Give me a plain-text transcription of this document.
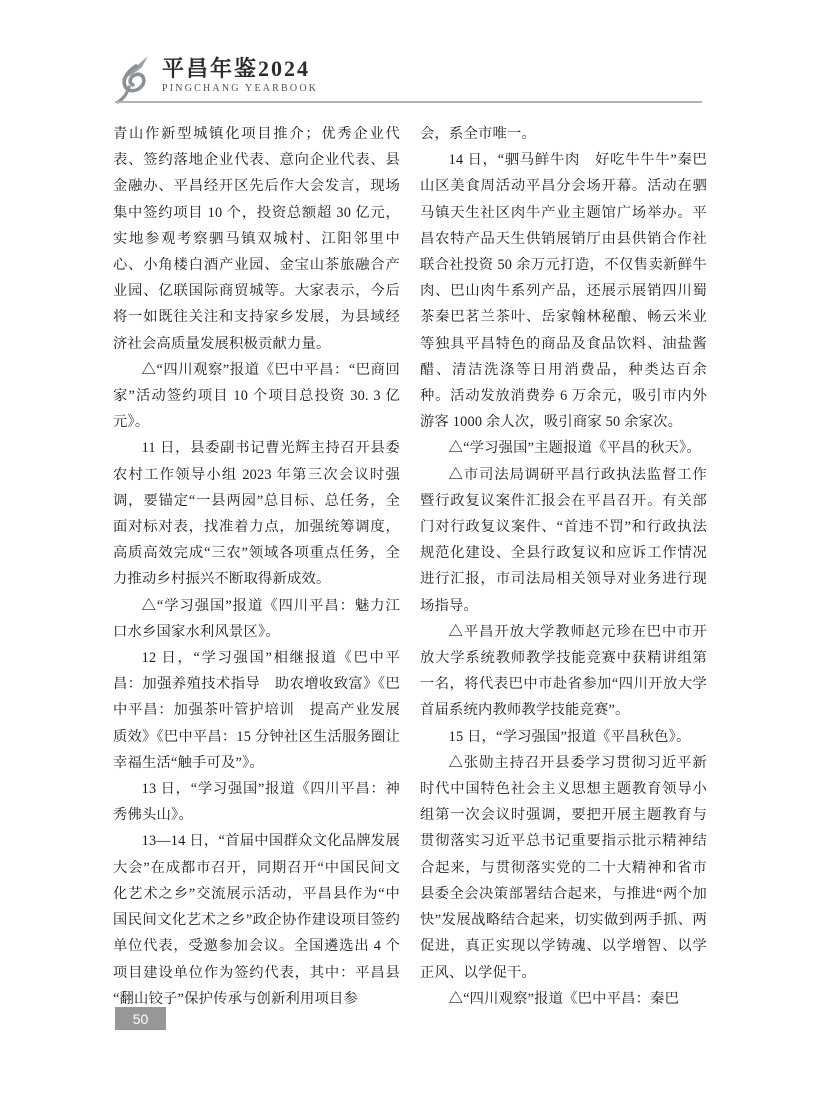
平昌年鉴2024
PINGCHANG YEARBOOK

青山作新型城镇化项目推介；优秀企业代表、签约落地企业代表、意向企业代表、县金融办、平昌经开区先后作大会发言，现场集中签约项目 10 个，投资总额超 30 亿元，实地参观考察驷马镇双城村、江阳邻里中心、小角楼白酒产业园、金宝山茶旅融合产业园、亿联国际商贸城等。大家表示，今后将一如既往关注和支持家乡发展，为县域经济社会高质量发展积极贡献力量。

△“四川观察”报道《巴中平昌：“巴商回家”活动签约项目 10 个项目总投资 30. 3 亿元》。

11 日，县委副书记曹光辉主持召开县委农村工作领导小组 2023 年第三次会议时强调，要锚定“一县两园”总目标、总任务，全面对标对表，找准着力点，加强统筹调度，高质高效完成“三农”领域各项重点任务，全力推动乡村振兴不断取得新成效。

△“学习强国”报道《四川平昌：魅力江口水乡国家水利风景区》。

12 日，“学习强国”相继报道《巴中平昌：加强养殖技术指导　助农增收致富》《巴中平昌：加强茶叶管护培训　提高产业发展质效》《巴中平昌：15 分钟社区生活服务圈让幸福生活“触手可及”》。

13 日，“学习强国”报道《四川平昌：神秀佛头山》。

13—14 日，“首届中国群众文化品牌发展大会”在成都市召开，同期召开“中国民间文化艺术之乡”交流展示活动，平昌县作为“中国民间文化艺术之乡”政企协作建设项目签约单位代表，受邀参加会议。全国遴选出 4 个项目建设单位作为签约代表，其中：平昌县“翻山铰子”保护传承与创新利用项目参

会，系全市唯一。

14 日，“驷马鲜牛肉　好吃牛牛牛”秦巴山区美食周活动平昌分会场开幕。活动在驷马镇天生社区肉牛产业主题馆广场举办。平昌农特产品天生供销展销厅由县供销合作社联合社投资 50 余万元打造，不仅售卖新鲜牛肉、巴山肉牛系列产品，还展示展销四川蜀茶秦巴茗兰茶叶、岳家翰林秘酿、畅云米业等独具平昌特色的商品及食品饮料、油盐酱醋、清洁洗涤等日用消费品，种类达百余种。活动发放消费券 6 万余元，吸引市内外游客 1000 余人次，吸引商家 50 余家次。

△“学习强国”主题报道《平昌的秋天》。

△市司法局调研平昌行政执法监督工作暨行政复议案件汇报会在平昌召开。有关部门对行政复议案件、“首违不罚”和行政执法规范化建设、全县行政复议和应诉工作情况进行汇报，市司法局相关领导对业务进行现场指导。

△平昌开放大学教师赵元珍在巴中市开放大学系统教师教学技能竞赛中获精讲组第一名，将代表巴中市赴省参加“四川开放大学首届系统内教师教学技能竞赛”。

15 日，“学习强国”报道《平昌秋色》。

△张勋主持召开县委学习贯彻习近平新时代中国特色社会主义思想主题教育领导小组第一次会议时强调，要把开展主题教育与贯彻落实习近平总书记重要指示批示精神结合起来，与贯彻落实党的二十大精神和省市县委全会决策部署结合起来，与推进“两个加快”发展战略结合起来，切实做到两手抓、两促进，真正实现以学铸魂、以学增智、以学正风、以学促干。

△“四川观察”报道《巴中平昌：秦巴

50
